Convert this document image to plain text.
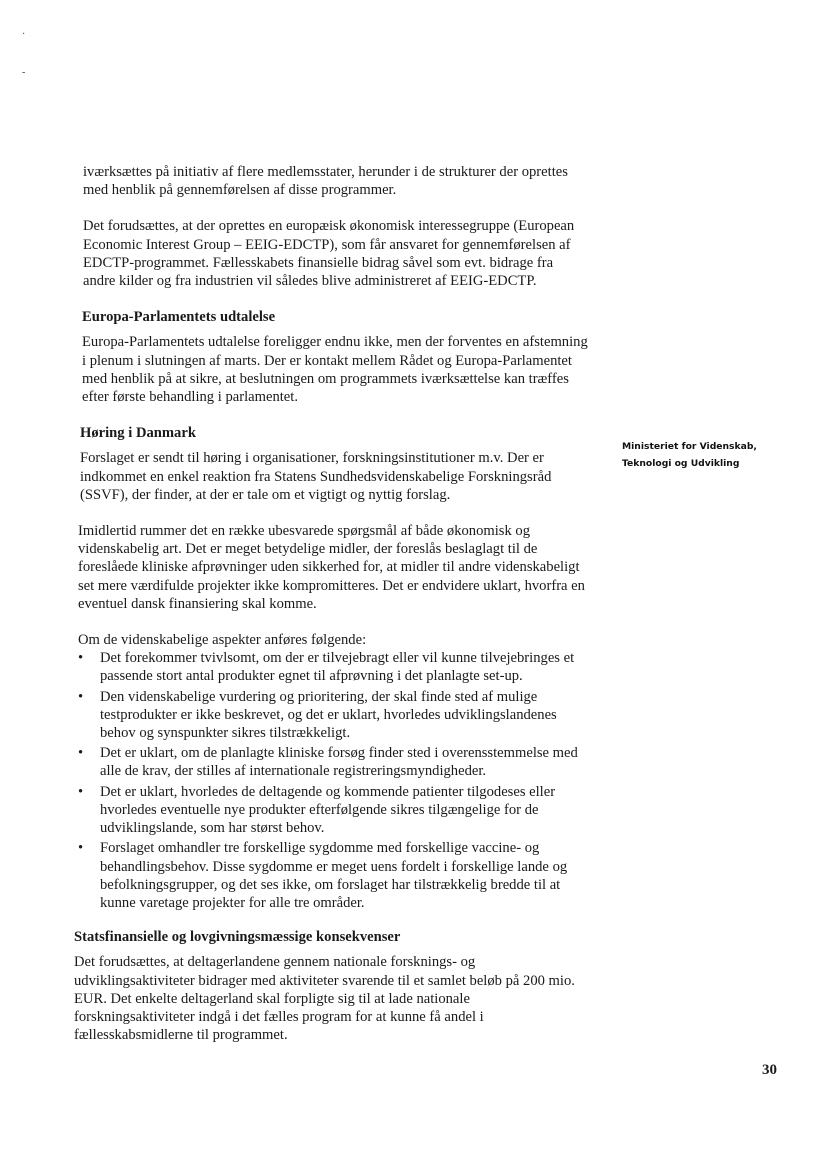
·
-

iværksættes på initiativ af flere medlemsstater, herunder i de strukturer der oprettes med henblik på gennemførelsen af disse programmer.

Det forudsættes, at der oprettes en europæisk økonomisk interessegruppe (European Economic Interest Group – EEIG-EDCTP), som får ansvaret for gennemførelsen af EDCTP-programmet. Fællesskabets finansielle bidrag såvel som evt. bidrage fra andre kilder og fra industrien vil således blive administreret af EEIG-EDCTP.

Europa-Parlamentets udtalelse

Europa-Parlamentets udtalelse foreligger endnu ikke, men der forventes en afstemning i plenum i slutningen af marts. Der er kontakt mellem Rådet og Europa-Parlamentet med henblik på at sikre, at beslutningen om programmets iværksættelse kan træffes efter første behandling i parlamentet.

Høring i Danmark

Forslaget er sendt til høring i organisationer, forskningsinstitutioner m.v. Der er indkommet en enkel reaktion fra Statens Sundhedsvidenskabelige Forskningsråd (SSVF), der finder, at der er tale om et vigtigt og nyttig forslag.

Imidlertid rummer det en række ubesvarede spørgsmål af både økonomisk og videnskabelig art. Det er meget betydelige midler, der foreslås beslaglagt til de foreslåede kliniske afprøvninger uden sikkerhed for, at midler til andre videnskabeligt set mere værdifulde projekter ikke kompromitteres. Det er endvidere uklart, hvorfra en eventuel dansk finansiering skal komme.

Om de videnskabelige aspekter anføres følgende:

• Det forekommer tvivlsomt, om der er tilvejebragt eller vil kunne tilvejebringes et passende stort antal produkter egnet til afprøvning i det planlagte set-up.
• Den videnskabelige vurdering og prioritering, der skal finde sted af mulige testprodukter er ikke beskrevet, og det er uklart, hvorledes udviklingslandenes behov og synspunkter sikres tilstrækkeligt.
• Det er uklart, om de planlagte kliniske forsøg finder sted i overensstemmelse med alle de krav, der stilles af internationale registreringsmyndigheder.
• Det er uklart, hvorledes de deltagende og kommende patienter tilgodeses eller hvorledes eventuelle nye produkter efterfølgende sikres tilgængelige for de udviklingslande, som har størst behov.
• Forslaget omhandler tre forskellige sygdomme med forskellige vaccine- og behandlingsbehov. Disse sygdomme er meget uens fordelt i forskellige lande og befolkningsgrupper, og det ses ikke, om forslaget har tilstrækkelig bredde til at kunne varetage projekter for alle tre områder.
Statsfinansielle og lovgivningsmæssige konsekvenser

Det forudsættes, at deltagerlandene gennem nationale forsknings- og udviklingsaktiviteter bidrager med aktiviteter svarende til et samlet beløb på 200 mio. EUR. Det enkelte deltagerland skal forpligte sig til at lade nationale forskningsaktiviteter indgå i det fælles program for at kunne få andel i fællesskabsmidlerne til programmet.

Ministeriet for Videnskab,
Teknologi og Udvikling
30
